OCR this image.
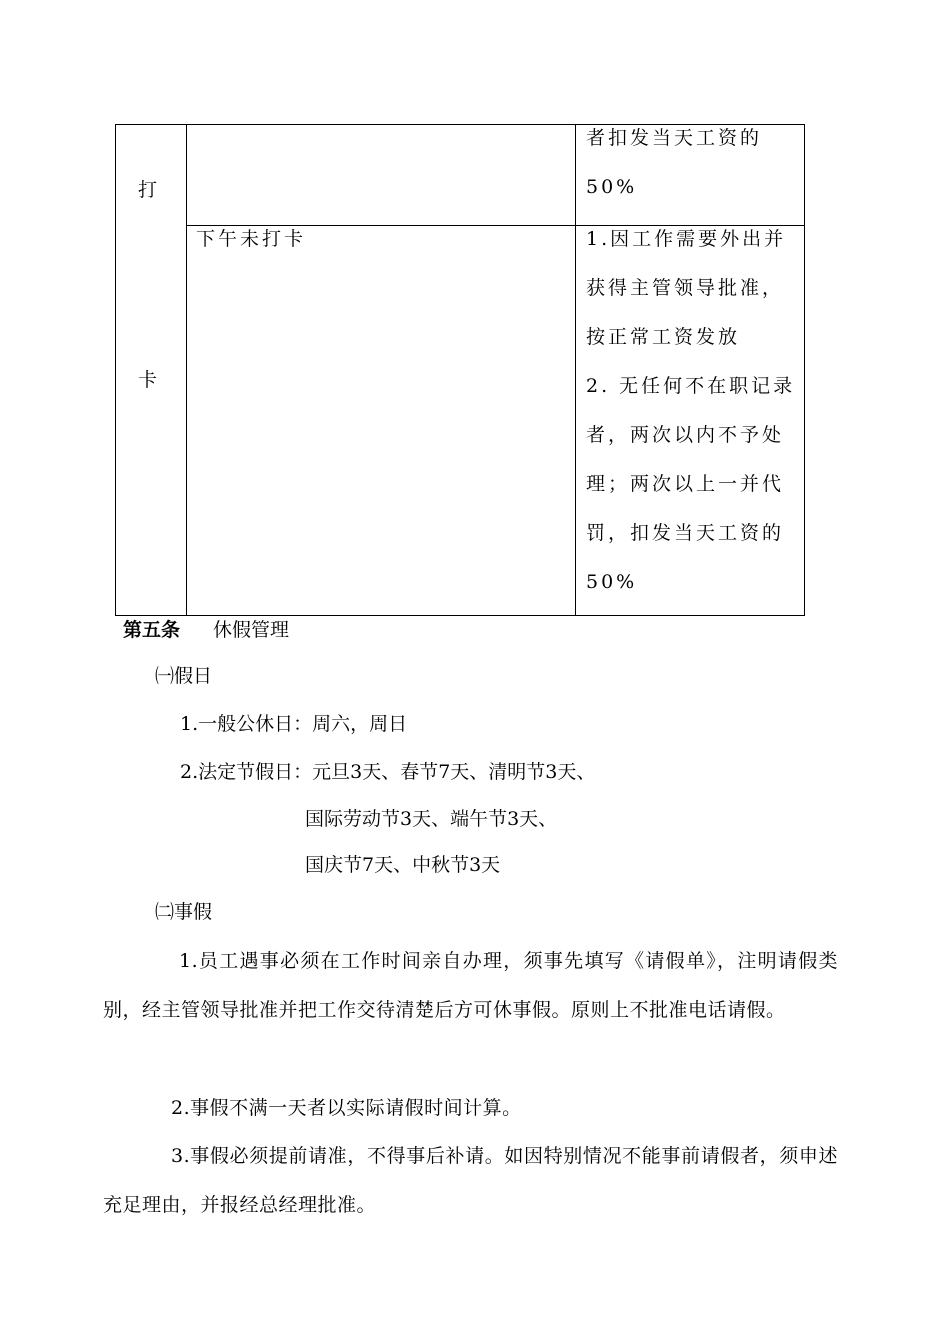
打
卡
者扣发当天工资的
50%
下午未打卡	1.因工作需要外出并
获得主管领导批准，
按正常工资发放
2. 无任何不在职记录
者，两次以内不予处
理；两次以上一并代
罚，扣发当天工资的
50%
第五条 休假管理
㈠假日
1.一般公休日：周六，周日
2.法定节假日：元旦3天、春节7天、清明节3天、
国际劳动节3天、端午节3天、
国庆节7天、中秋节3天
㈡事假
1.员工遇事必须在工作时间亲自办理，须事先填写《请假单》，注明请假类别，经主管领导批准并把工作交待清楚后方可休事假。原则上不批准电话请假。
2.事假不满一天者以实际请假时间计算。
3.事假必须提前请准，不得事后补请。如因特别情况不能事前请假者，须申述充足理由，并报经总经理批准。
